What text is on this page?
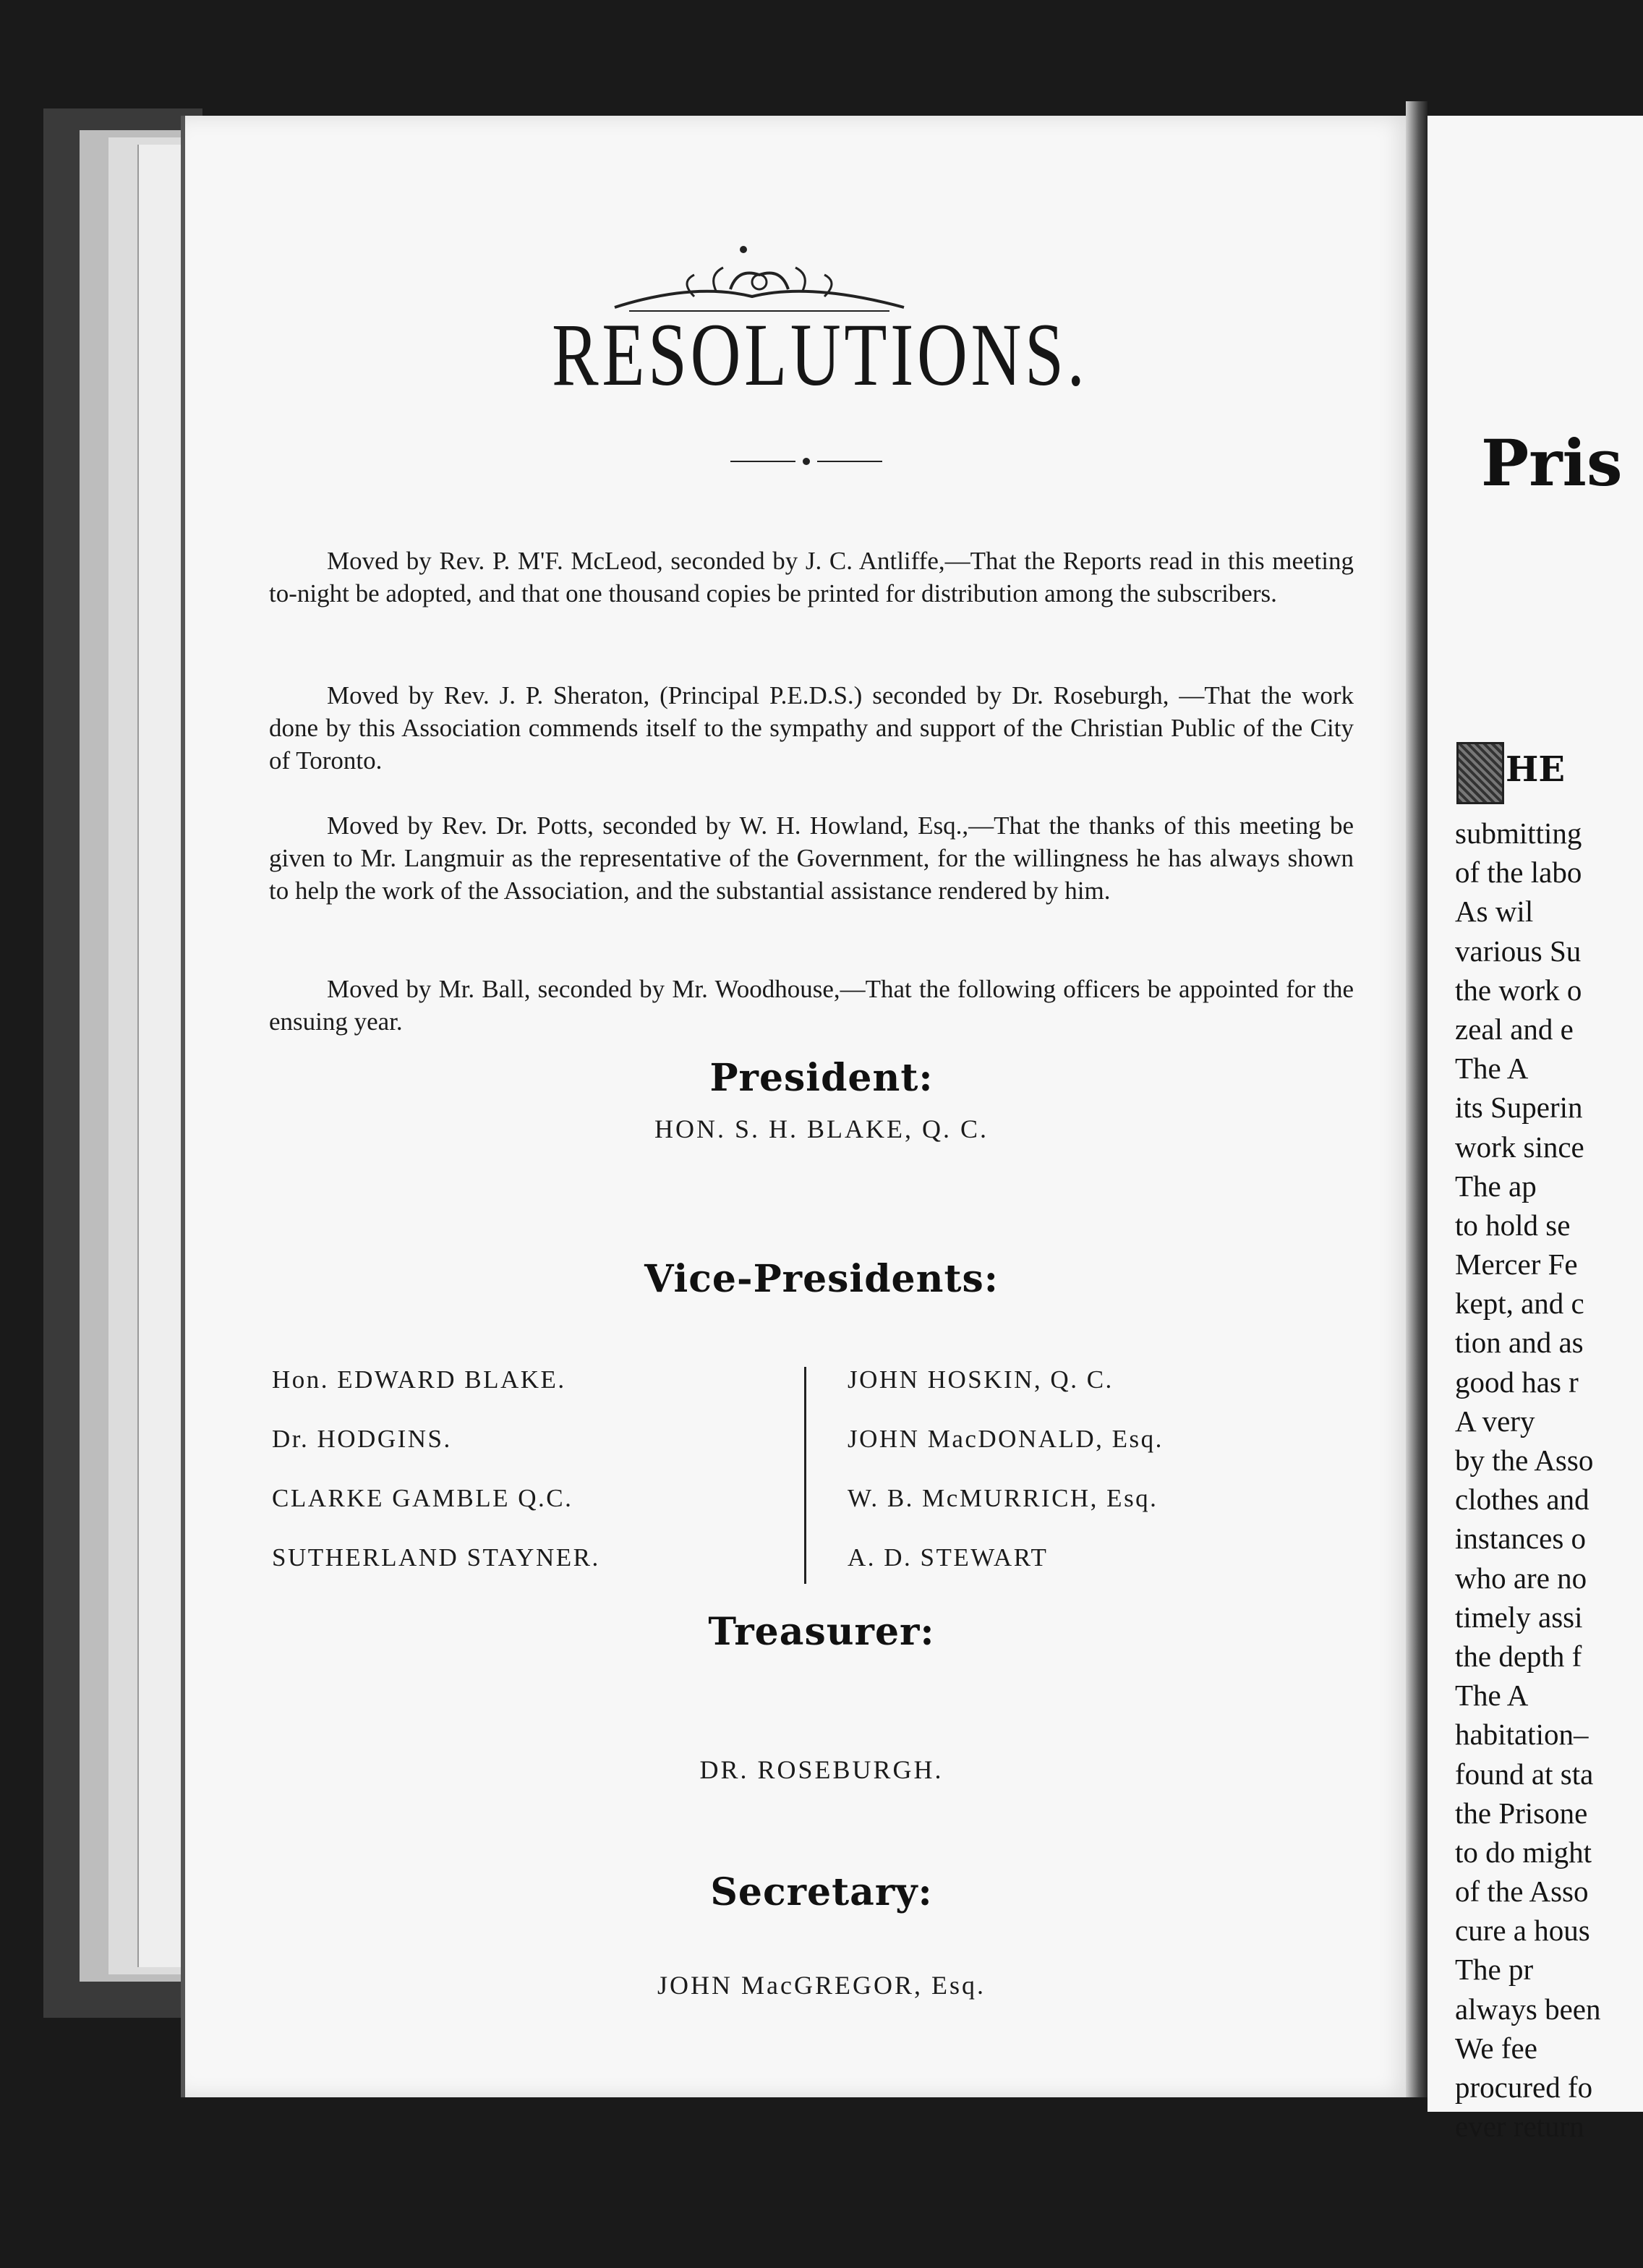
RESOLUTIONS.

Moved by Rev. P. M'F. McLeod, seconded by J. C. Antliffe,—That the Reports read in this meeting to-night be adopted, and that one thousand copies be printed for distribution among the subscribers.

Moved by Rev. J. P. Sheraton, (Principal P.E.D.S.) seconded by Dr. Roseburgh, —That the work done by this Association commends itself to the sympathy and support of the Christian Public of the City of Toronto.

Moved by Rev. Dr. Potts, seconded by W. H. Howland, Esq.,—That the thanks of this meeting be given to Mr. Langmuir as the representative of the Government, for the willingness he has always shown to help the work of the Association, and the substantial assistance rendered by him.

Moved by Mr. Ball, seconded by Mr. Woodhouse,—That the following officers be appointed for the ensuing year.

President:
HON. S. H. BLAKE, Q. C.
Vice-Presidents:
Hon. EDWARD BLAKE.
Dr. HODGINS.
CLARKE GAMBLE Q.C.
SUTHERLAND STAYNER.
JOHN HOSKIN, Q. C.
JOHN MacDONALD, Esq.
W. B. McMURRICH, Esq.
A. D. STEWART
Treasurer:
DR. ROSEBURGH.
Secretary:
JOHN MacGREGOR, Esq.
Pris
HE
submitting
of the labo
As wil
various Su
the work o
zeal and e
The A
its Superin
work since
The ap
to hold se
Mercer Fe
kept, and c
tion and as
good has r
A very
by the Asso
clothes and
instances o
who are no
timely assi
the depth f
The A
habitation–
found at sta
the Prisone
to do might
of the Asso
cure a hous
The pr
always been
We fee
procured fo
ever return
